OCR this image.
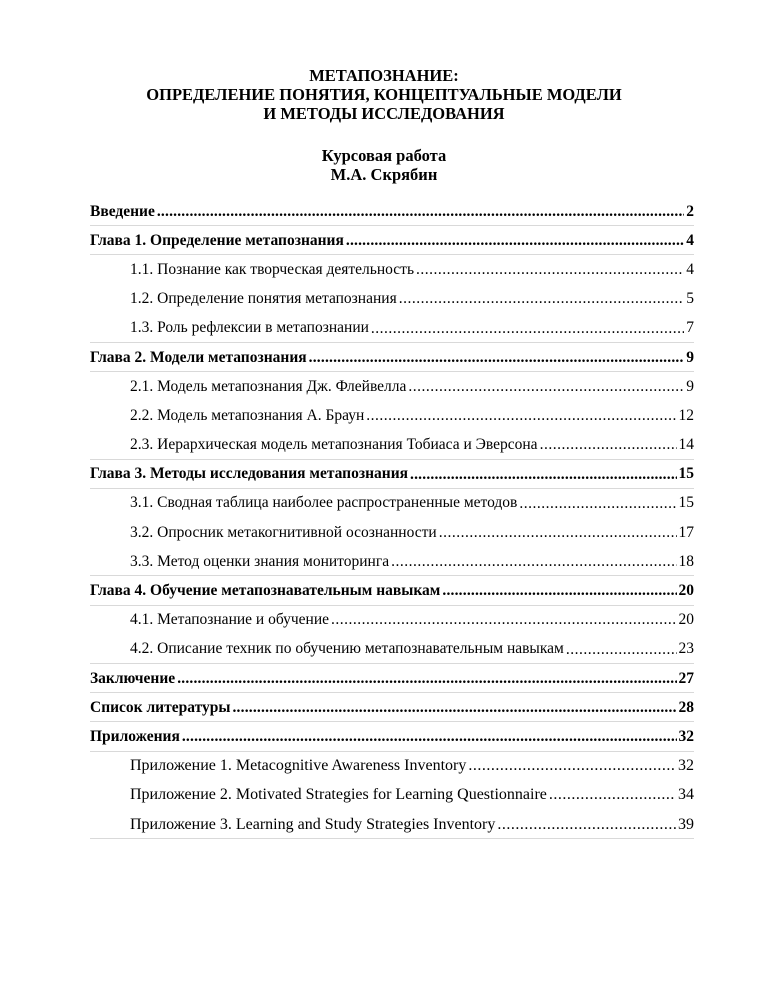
МЕТАПОЗНАНИЕ:
ОПРЕДЕЛЕНИЕ ПОНЯТИЯ, КОНЦЕПТУАЛЬНЫЕ МОДЕЛИ
И МЕТОДЫ ИССЛЕДОВАНИЯ
Курсовая работа
М.А. Скрябин
Введение .....	2
Глава 1. Определение метапознания .....	4
1.1. Познание как творческая деятельность .....	4
1.2. Определение понятия метапознания .....	5
1.3. Роль рефлексии в метапознании .....	7
Глава 2. Модели метапознания .....	9
2.1. Модель метапознания Дж. Флейвелла .....	9
2.2. Модель метапознания А. Браун .....	12
2.3. Иерархическая модель метапознания Тобиаса и Эверсона .....	14
Глава 3. Методы исследования метапознания .....	15
3.1. Сводная таблица наиболее распространенные методов .....	15
3.2. Опросник метакогнитивной осознанности .....	17
3.3. Метод оценки знания мониторинга .....	18
Глава 4. Обучение метапознавательным навыкам .....	20
4.1. Метапознание и обучение .....	20
4.2. Описание техник по обучению метапознавательным навыкам .....	23
Заключение .....	27
Список литературы .....	28
Приложения .....	32
Приложение 1. Metacognitive Awareness Inventory .....	32
Приложение 2. Motivated Strategies for Learning Questionnaire .....	34
Приложение 3. Learning and Study Strategies Inventory .....	39
